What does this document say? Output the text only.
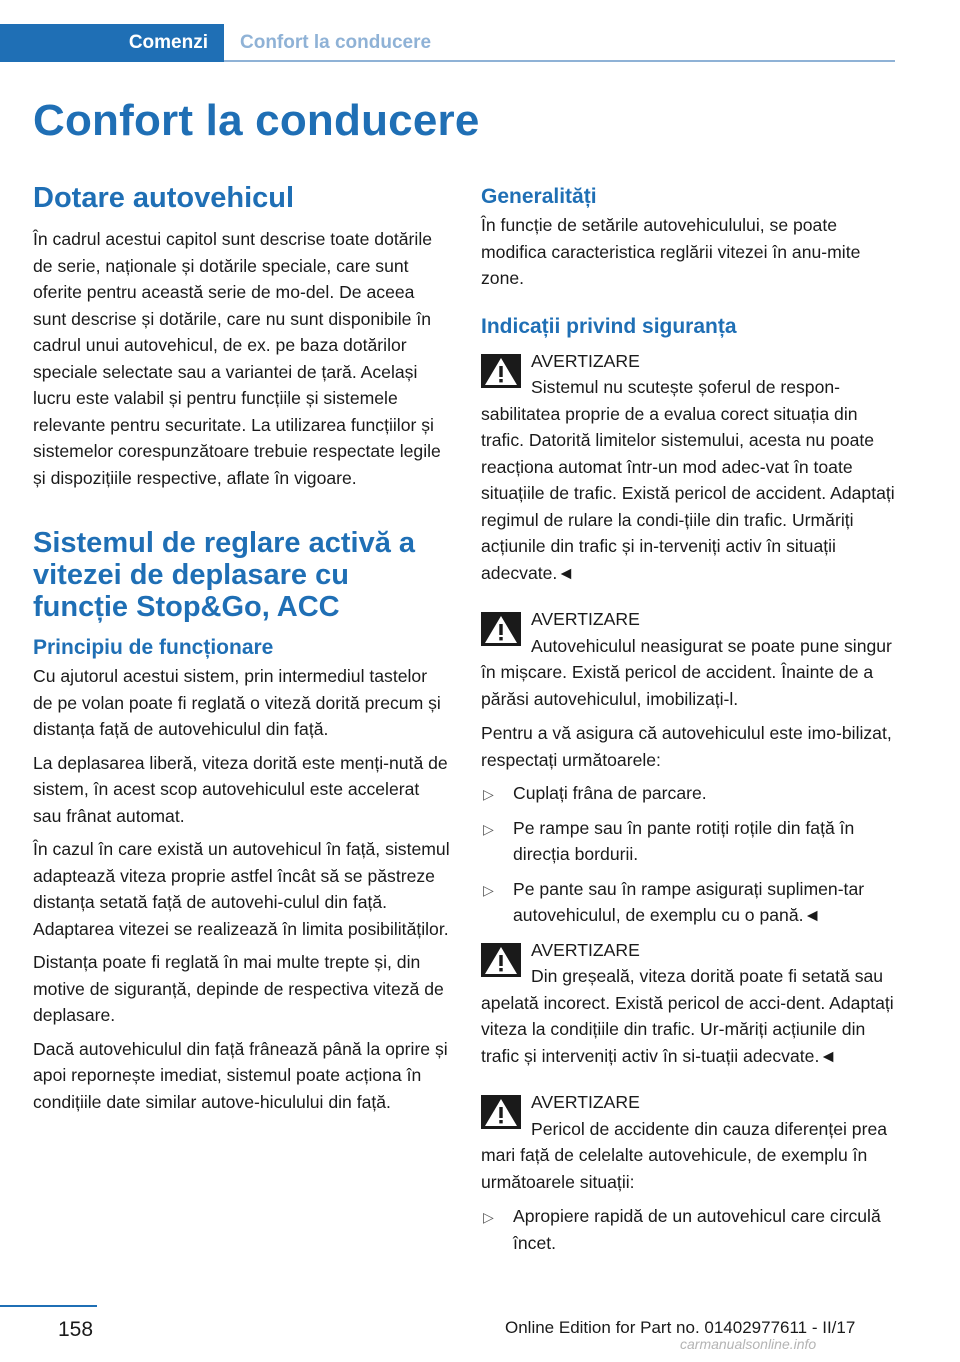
Comenzi	Confort la conducere
Confort la conducere
Dotare autovehicul

În cadrul acestui capitol sunt descrise toate dotările de serie, naționale și dotările speciale, care sunt oferite pentru această serie de mo‐del. De aceea sunt descrise și dotările, care nu sunt disponibile în cadrul unui autovehicul, de ex. pe baza dotărilor speciale selectate sau a variantei de țară. Același lucru este valabil și pentru funcțiile și sistemele relevante pentru securitate. La utilizarea funcțiilor și sistemelor corespunzătoare trebuie respectate legile și dispozițiile respective, aflate în vigoare.

Sistemul de reglare activă a vitezei de deplasare cu funcție Stop&Go, ACC
Principiu de funcționare

Cu ajutorul acestui sistem, prin intermediul tastelor de pe volan poate fi reglată o viteză dorită precum și distanța față de autovehiculul din față.

La deplasarea liberă, viteza dorită este menți‐nută de sistem, în acest scop autovehiculul este accelerat sau frânat automat.

În cazul în care există un autovehicul în față, sistemul adaptează viteza proprie astfel încât să se păstreze distanța setată față de autovehi‐culul din față. Adaptarea vitezei se realizează în limita posibilităților.

Distanța poate fi reglată în mai multe trepte și, din motive de siguranță, depinde de respectiva viteză de deplasare.

Dacă autovehiculul din față frânează până la oprire și apoi repornește imediat, sistemul poate acționa în condițiile date similar autove‐hiculului din față.

Generalități

În funcție de setările autovehiculului, se poate modifica caracteristica reglării vitezei în anu‐mite zone.

Indicații privind siguranța
AVERTIZARE

Sistemul nu scutește șoferul de respon‐sabilitatea proprie de a evalua corect situația din trafic. Datorită limitelor sistemului, acesta nu poate reacționa automat într-un mod adec‐vat în toate situațiile de trafic. Există pericol de accident. Adaptați regimul de rulare la condi‐țiile din trafic. Urmăriți acțiunile din trafic și in‐terveniți activ în situații adecvate.◄

AVERTIZARE

Autovehiculul neasigurat se poate pune singur în mișcare. Există pericol de accident. Înainte de a părăsi autovehiculul, imobilizați-l.

Pentru a vă asigura că autovehiculul este imo‐bilizat, respectați următoarele:

▷ Cuplați frâna de parcare.
▷ Pe rampe sau în pante rotiți roțile din față în direcția bordurii.
▷ Pe pante sau în rampe asigurați suplimen‐tar autovehiculul, de exemplu cu o pană.◄
AVERTIZARE

Din greșeală, viteza dorită poate fi setată sau apelată incorect. Există pericol de acci‐dent. Adaptați viteza la condițiile din trafic. Ur‐măriți acțiunile din trafic și interveniți activ în si‐tuații adecvate.◄

AVERTIZARE

Pericol de accidente din cauza diferenței prea mari față de celelalte autovehicule, de exemplu în următoarele situații:

▷ Apropiere rapidă de un autovehicul care circulă încet.
158	Online Edition for Part no. 01402977611 - II/17
carmanualsonline.info
